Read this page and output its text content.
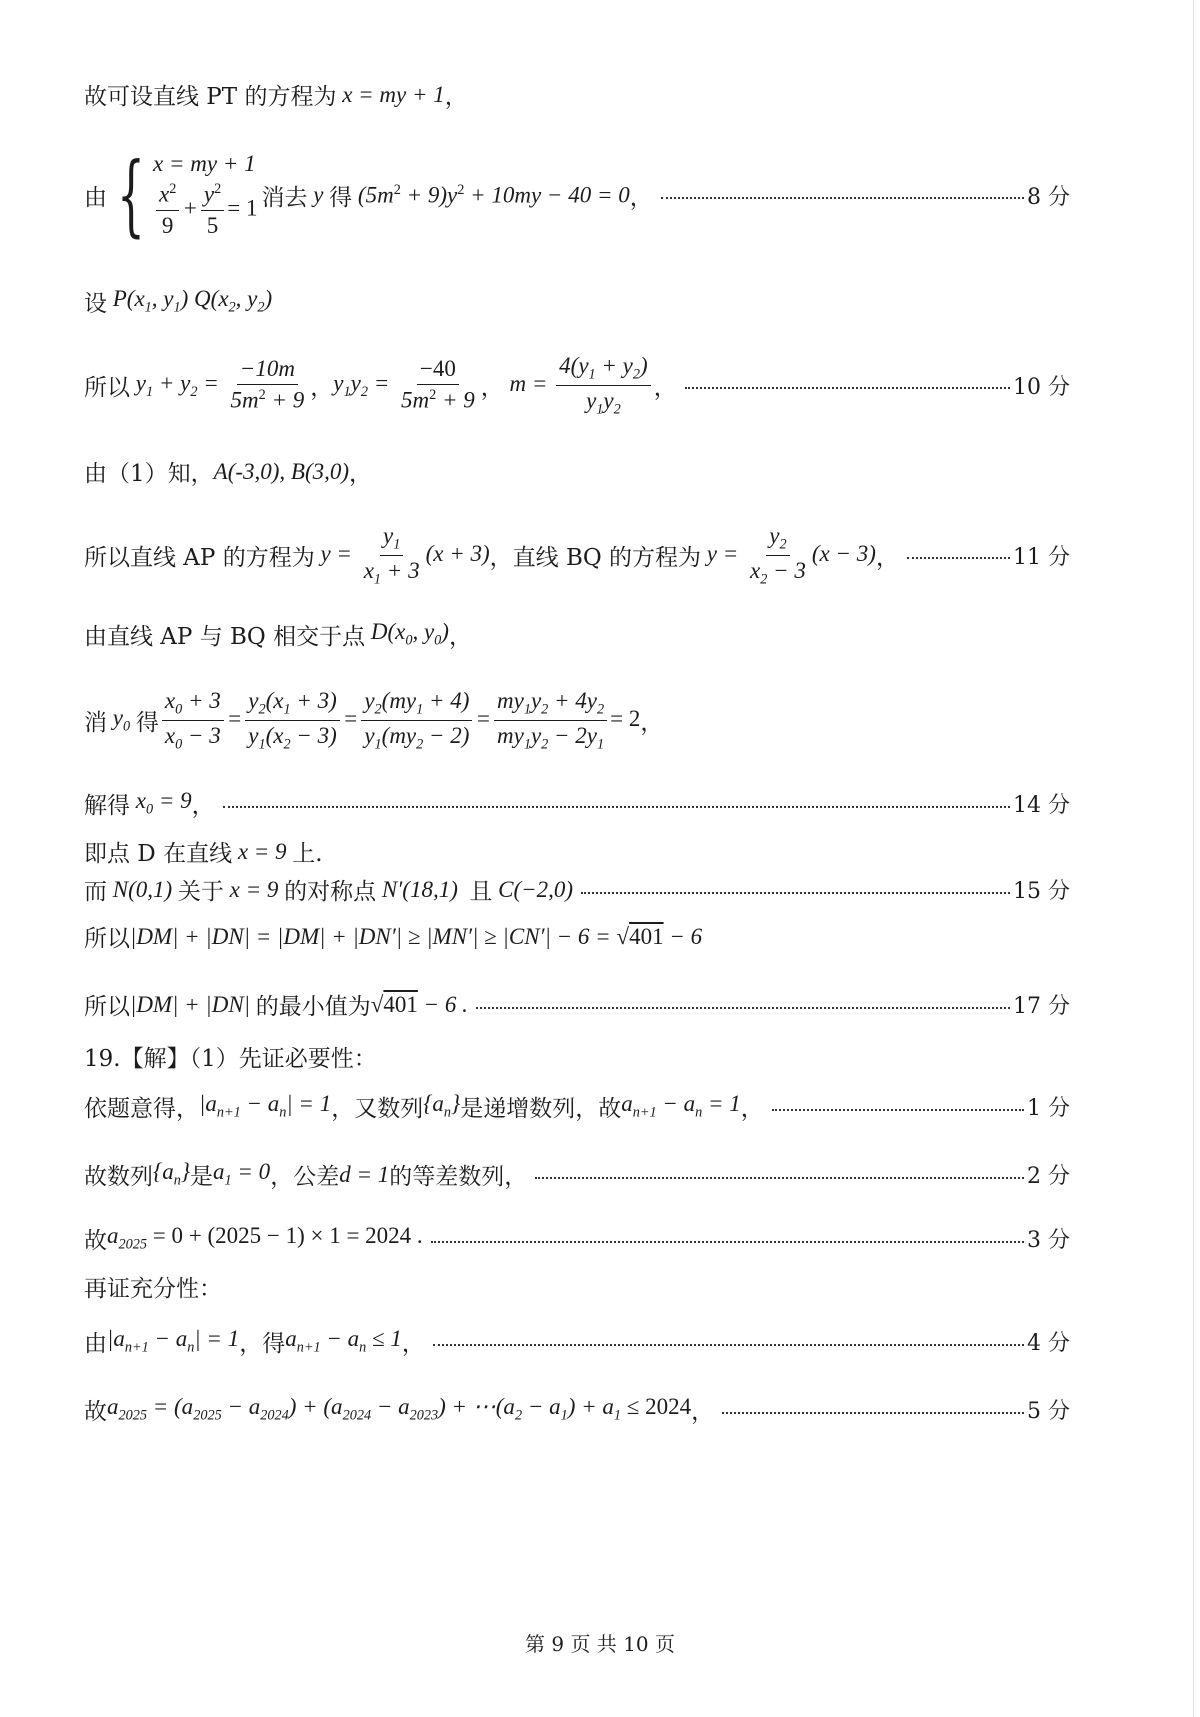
故可设直线 PT 的方程为 x = my + 1 ，
由 { x = my + 1
$\frac{x^2}{9} + \frac{y^2}{5} = 1$ 消去 y 得 $(5m^2 + 9)y^2 + 10my - 40 = 0$ ，	8 分
设 $P(x_1$, $y_1$) $Q(x_2$, $y_2$)
所以 $y_1 + y_2 = \frac{-10m}{5m^2 + 9}$ ， $y_1y_2 = \frac{-40}{5m^2 + 9}$ ， $m = \frac{4(y_1 + y_2)}{y_1y_2}$ ，	10 分
由（1）知， A(-3,0), B(3,0) ，
所以直线 AP 的方程为 $y = \frac{y_1}{x_1 + 3} (x + 3)$ ，直线 BQ 的方程为 $y = \frac{y_2}{x_2 - 3} (x - 3)$ ，	11 分
由直线 AP 与 BQ 相交于点 $D(x_0$, $y_0$) ，
消 $y_0$ 得 $\frac{x_0 + 3}{x_0 - 3} = \frac{y_2(x_1 + 3)}{y_1(x_2 - 3)} = \frac{y_2(my_1 + 4)}{y_1(my_2 - 2)} = \frac{my_1y_2 + 4y_2}{my_1y_2 - 2y_1} = 2$ ，
解得 $x_0 = 9$ ，	14 分
即点 D 在直线 x = 9 上.
而 N(0,1) 关于 x = 9 的对称点 N′(18,1) 且 C(−2,0)	15 分
所以 |DM| + |DN| = |DM| + |DN′| ≥ |MN′| ≥ |CN′| − 6 = √401 − 6
所以 |DM| + |DN| 的最小值为 √401 − 6 .	17 分
19.【解】（1）先证必要性：
依题意得， $|a_{n+1} - a_n| = 1$ ，又数列 $\{a_n\}$ 是递增数列，故 $a_{n+1} - a_n = 1$ ，	1 分
故数列 $\{a_n\}$ 是 $a_1 = 0$ ，公差 d = 1 的等差数列，	2 分
故 $a_{2025} = 0 + (2025 - 1) \times 1 = 2024$ .	3 分
再证充分性：
由 $|a_{n+1} - a_n| = 1$ ，得 $a_{n+1} - a_n \le 1$ ，	4 分
故 $a_{2025} = (a_{2025} - a_{2024}) + (a_{2024} - a_{2023})$ + $\cdots(a_2 - a_1) + a_1 \le 2024$ ，	5 分
第 9 页 共 10 页
